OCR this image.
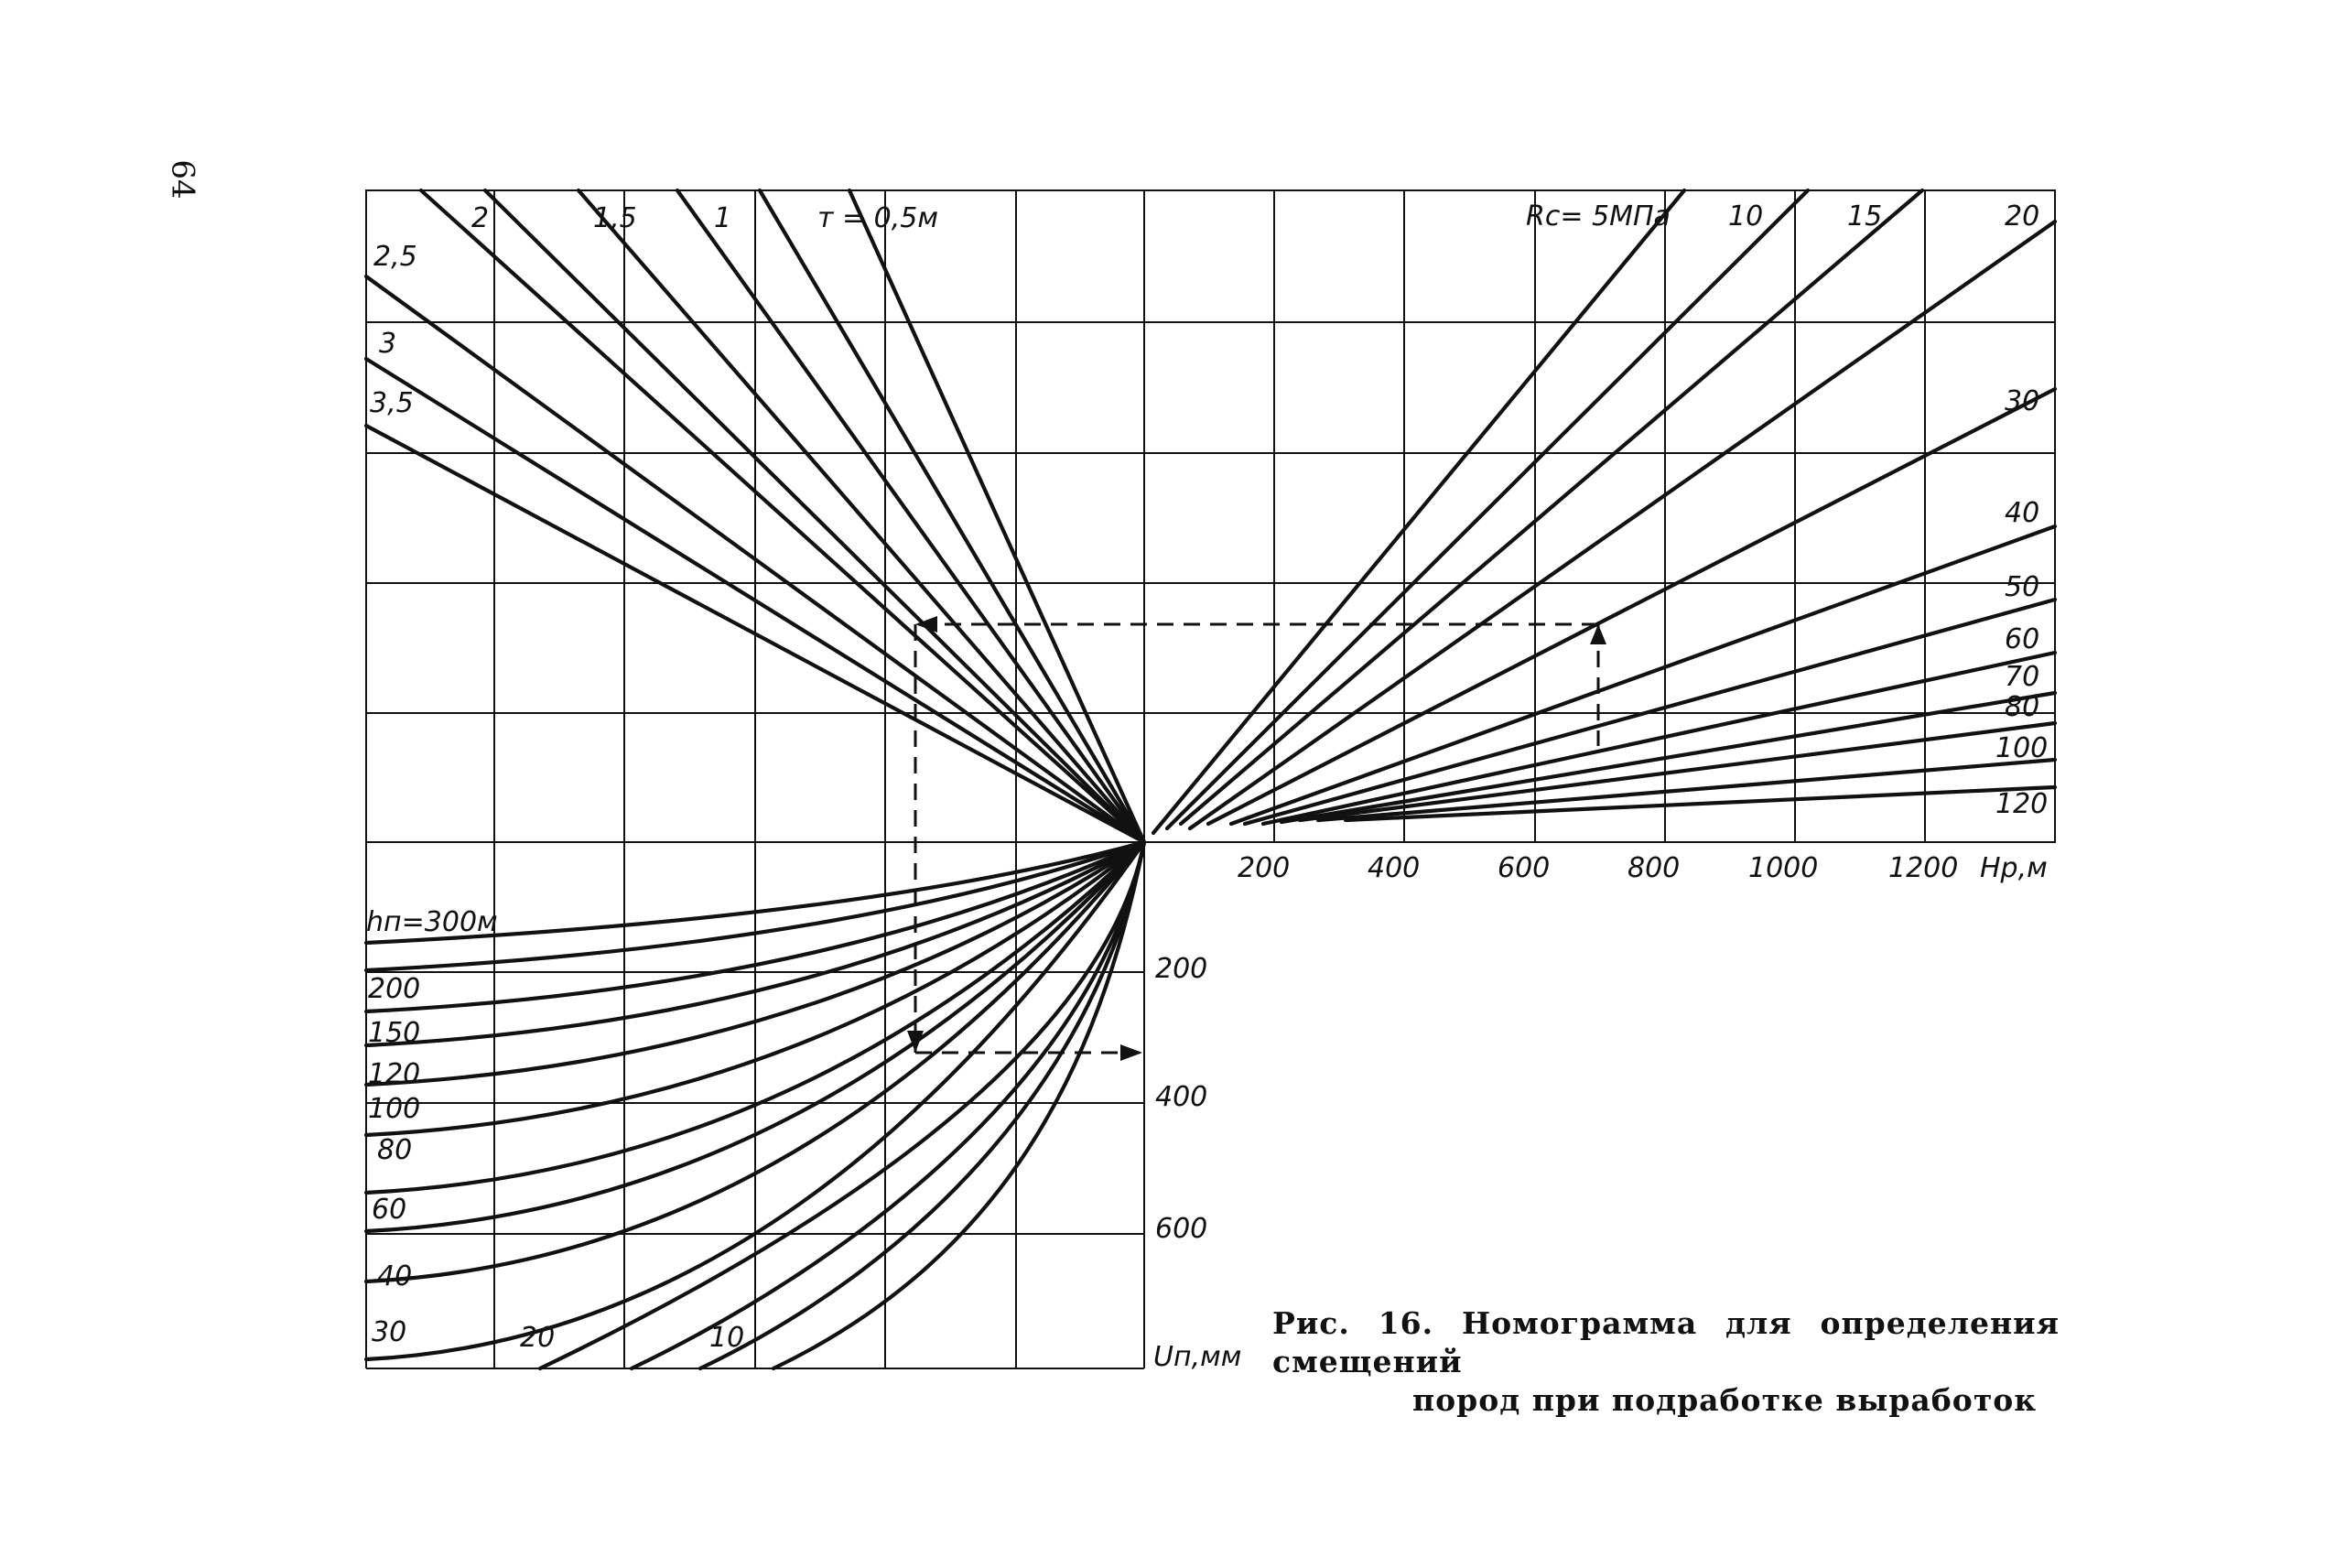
64
2	1,5	1	т = 0,5м
2,5
3
3,5
Rс= 5МПа 10	15	20
30
40
50
60
70
80
100
120
200	400	600	800 1000	1200 Hр,м
hп=300м
200
150
120
100
80
60
40
30	20	10
200
400
600
Uп,мм
Рис. 16. Номограмма для определения смещений
пород при подработке выработок
